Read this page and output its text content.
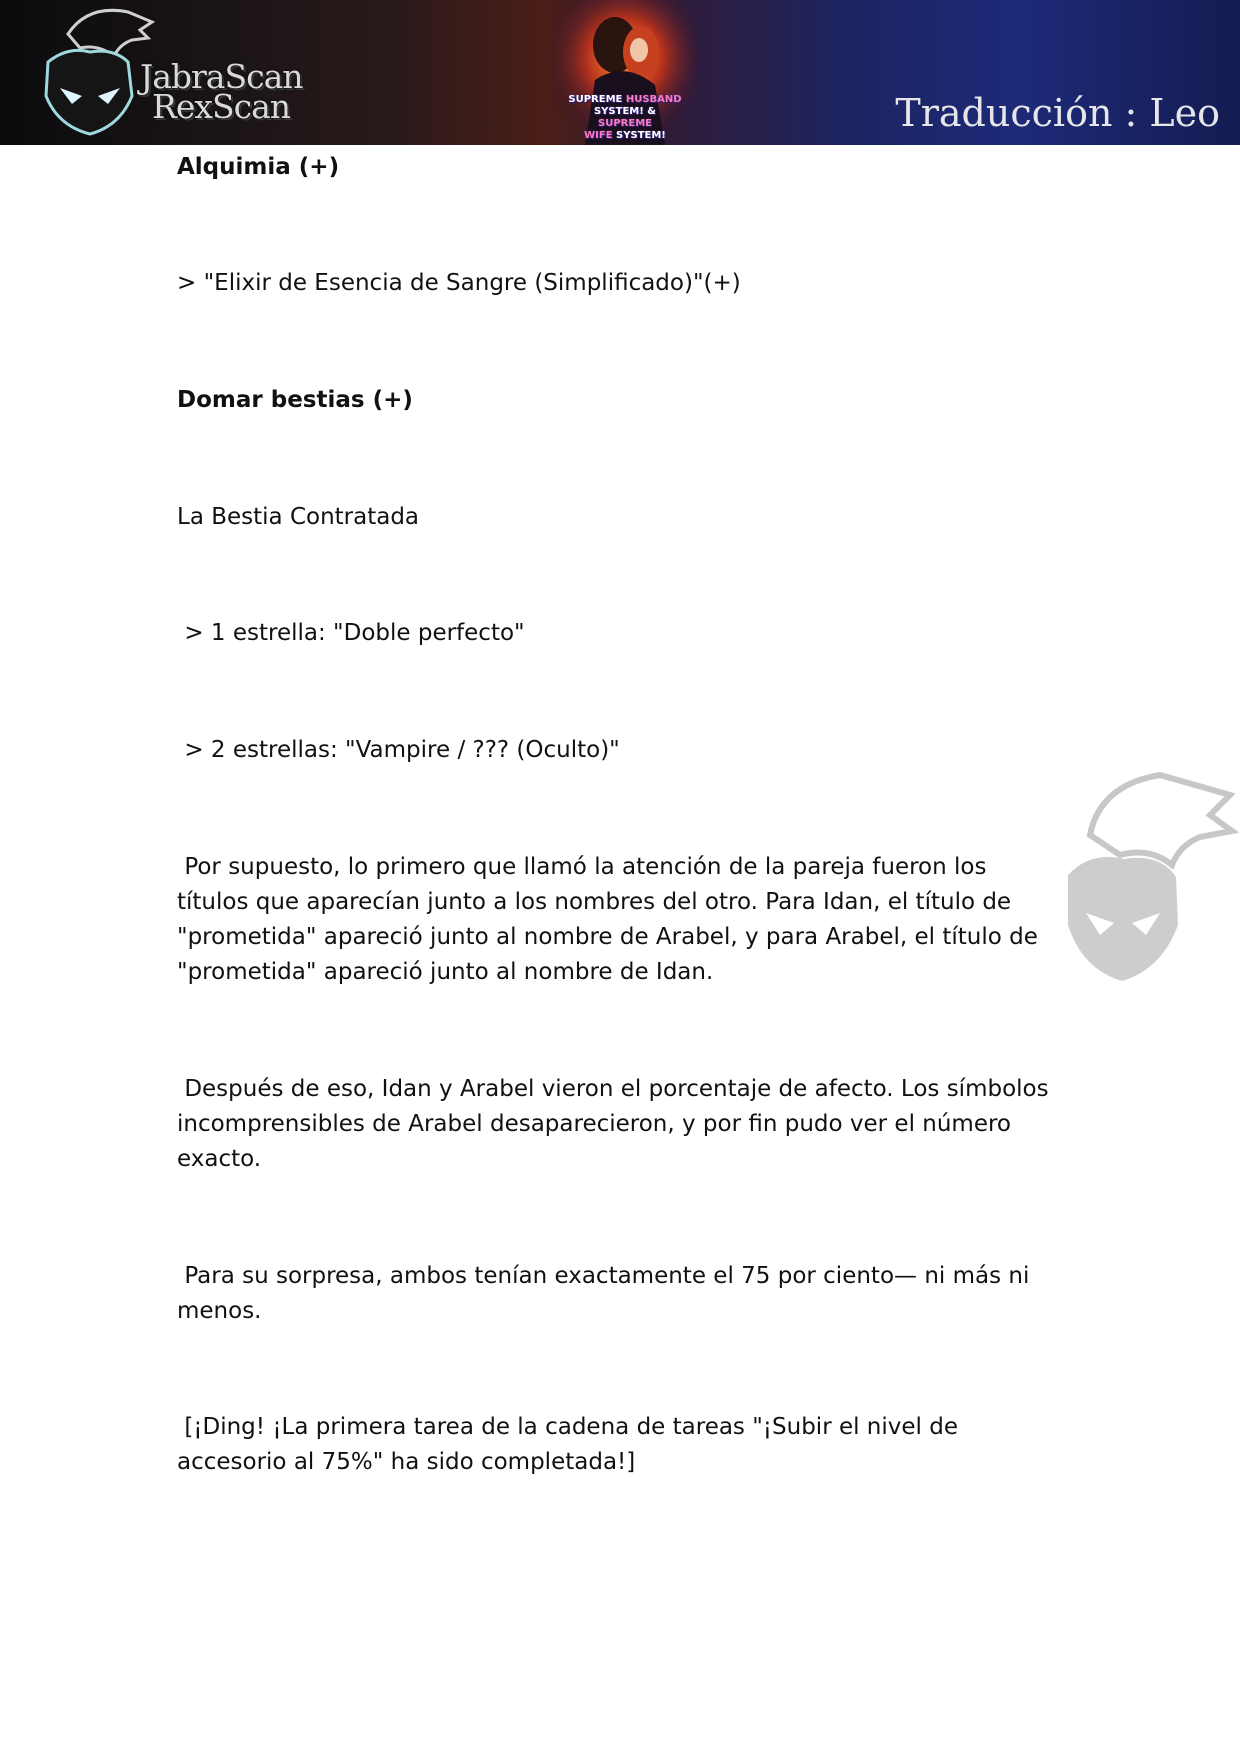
JabraScan
RexScan	SUPREME HUSBAND
SYSTEM! & SUPREME
WIFE SYSTEM!
Traducción : Leo

Alquimia (+)

> "Elixir de Esencia de Sangre (Simplificado)"(+)

Domar bestias (+)

La Bestia Contratada

> 1 estrella: "Doble perfecto"

> 2 estrellas: "Vampire / ??? (Oculto)"

Por supuesto, lo primero que llamó la atención de la pareja fueron los
títulos que aparecían junto a los nombres del otro. Para Idan, el título de
"prometida" apareció junto al nombre de Arabel, y para Arabel, el título de
"prometida" apareció junto al nombre de Idan.

Después de eso, Idan y Arabel vieron el porcentaje de afecto. Los símbolos
incomprensibles de Arabel desaparecieron, y por fin pudo ver el número
exacto.

Para su sorpresa, ambos tenían exactamente el 75 por ciento— ni más ni
menos.

[¡Ding! ¡La primera tarea de la cadena de tareas "¡Subir el nivel de
accesorio al 75%" ha sido completada!]
